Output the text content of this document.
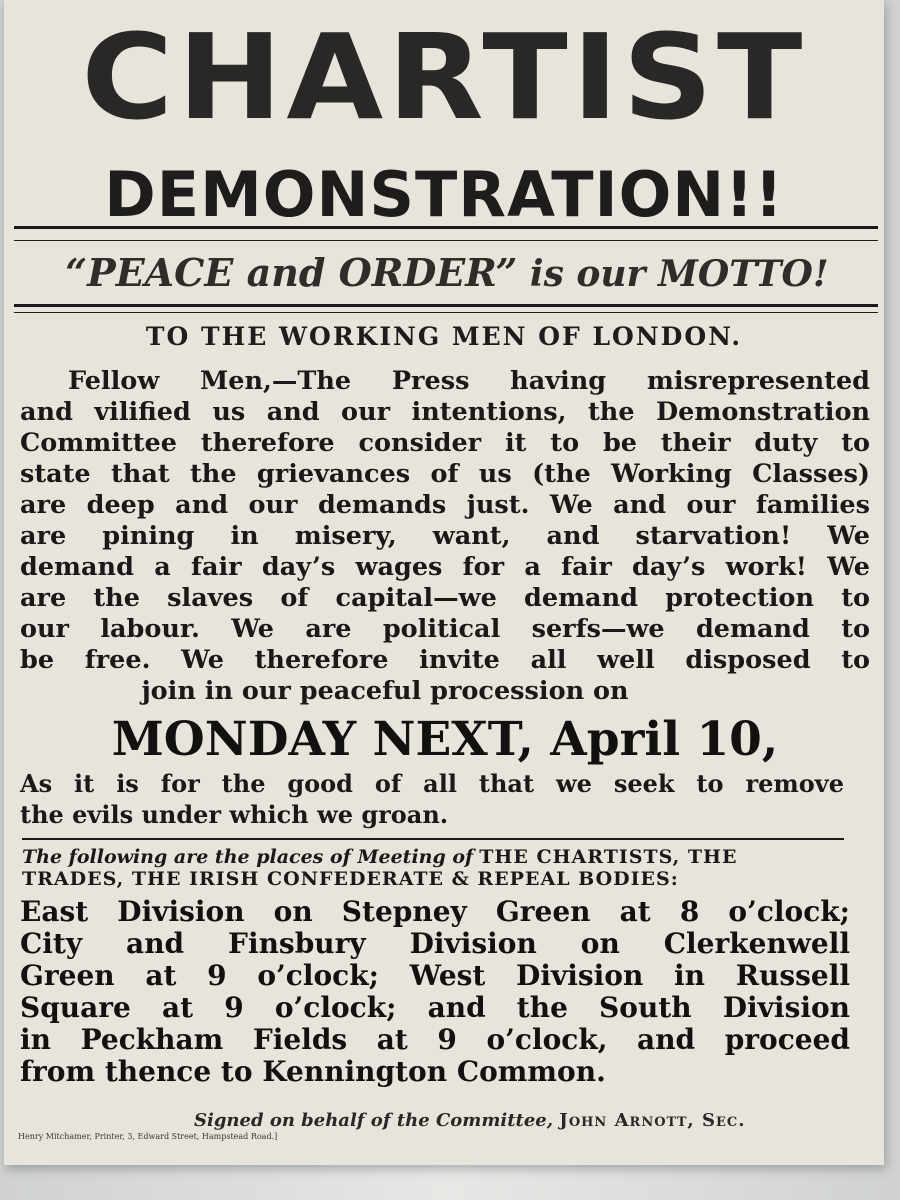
CHARTIST
DEMONSTRATION!!
“PEACE and ORDER” is our MOTTO!
TO THE WORKING MEN OF LONDON.
Fellow Men,—The Press having misrepresented
and vilified us and our intentions, the Demonstration
Committee therefore consider it to be their duty to
state that the grievances of us (the Working Classes)
are deep and our demands just. We and our families
are pining in misery, want, and starvation! We
demand a fair day’s wages for a fair day’s work! We
are the slaves of capital—we demand protection to
our labour. We are political serfs—we demand to
be free. We therefore invite all well disposed to
join in our peaceful procession on
MONDAY NEXT, April 10,
As it is for the good of all that we seek to remove
the evils under which we groan.
The following are the places of Meeting of THE CHARTISTS, THE
TRADES, THE IRISH CONFEDERATE & REPEAL BODIES:
East Division on Stepney Green at 8 o’clock;
City and Finsbury Division on Clerkenwell
Green at 9 o’clock; West Division in Russell
Square at 9 o’clock; and the South Division
in Peckham Fields at 9 o’clock, and proceed
from thence to Kennington Common.
Signed on behalf of the Committee, John Arnott, Sec.
Henry Mitchamer, Printer, 3, Edward Street, Hampstead Road.]
